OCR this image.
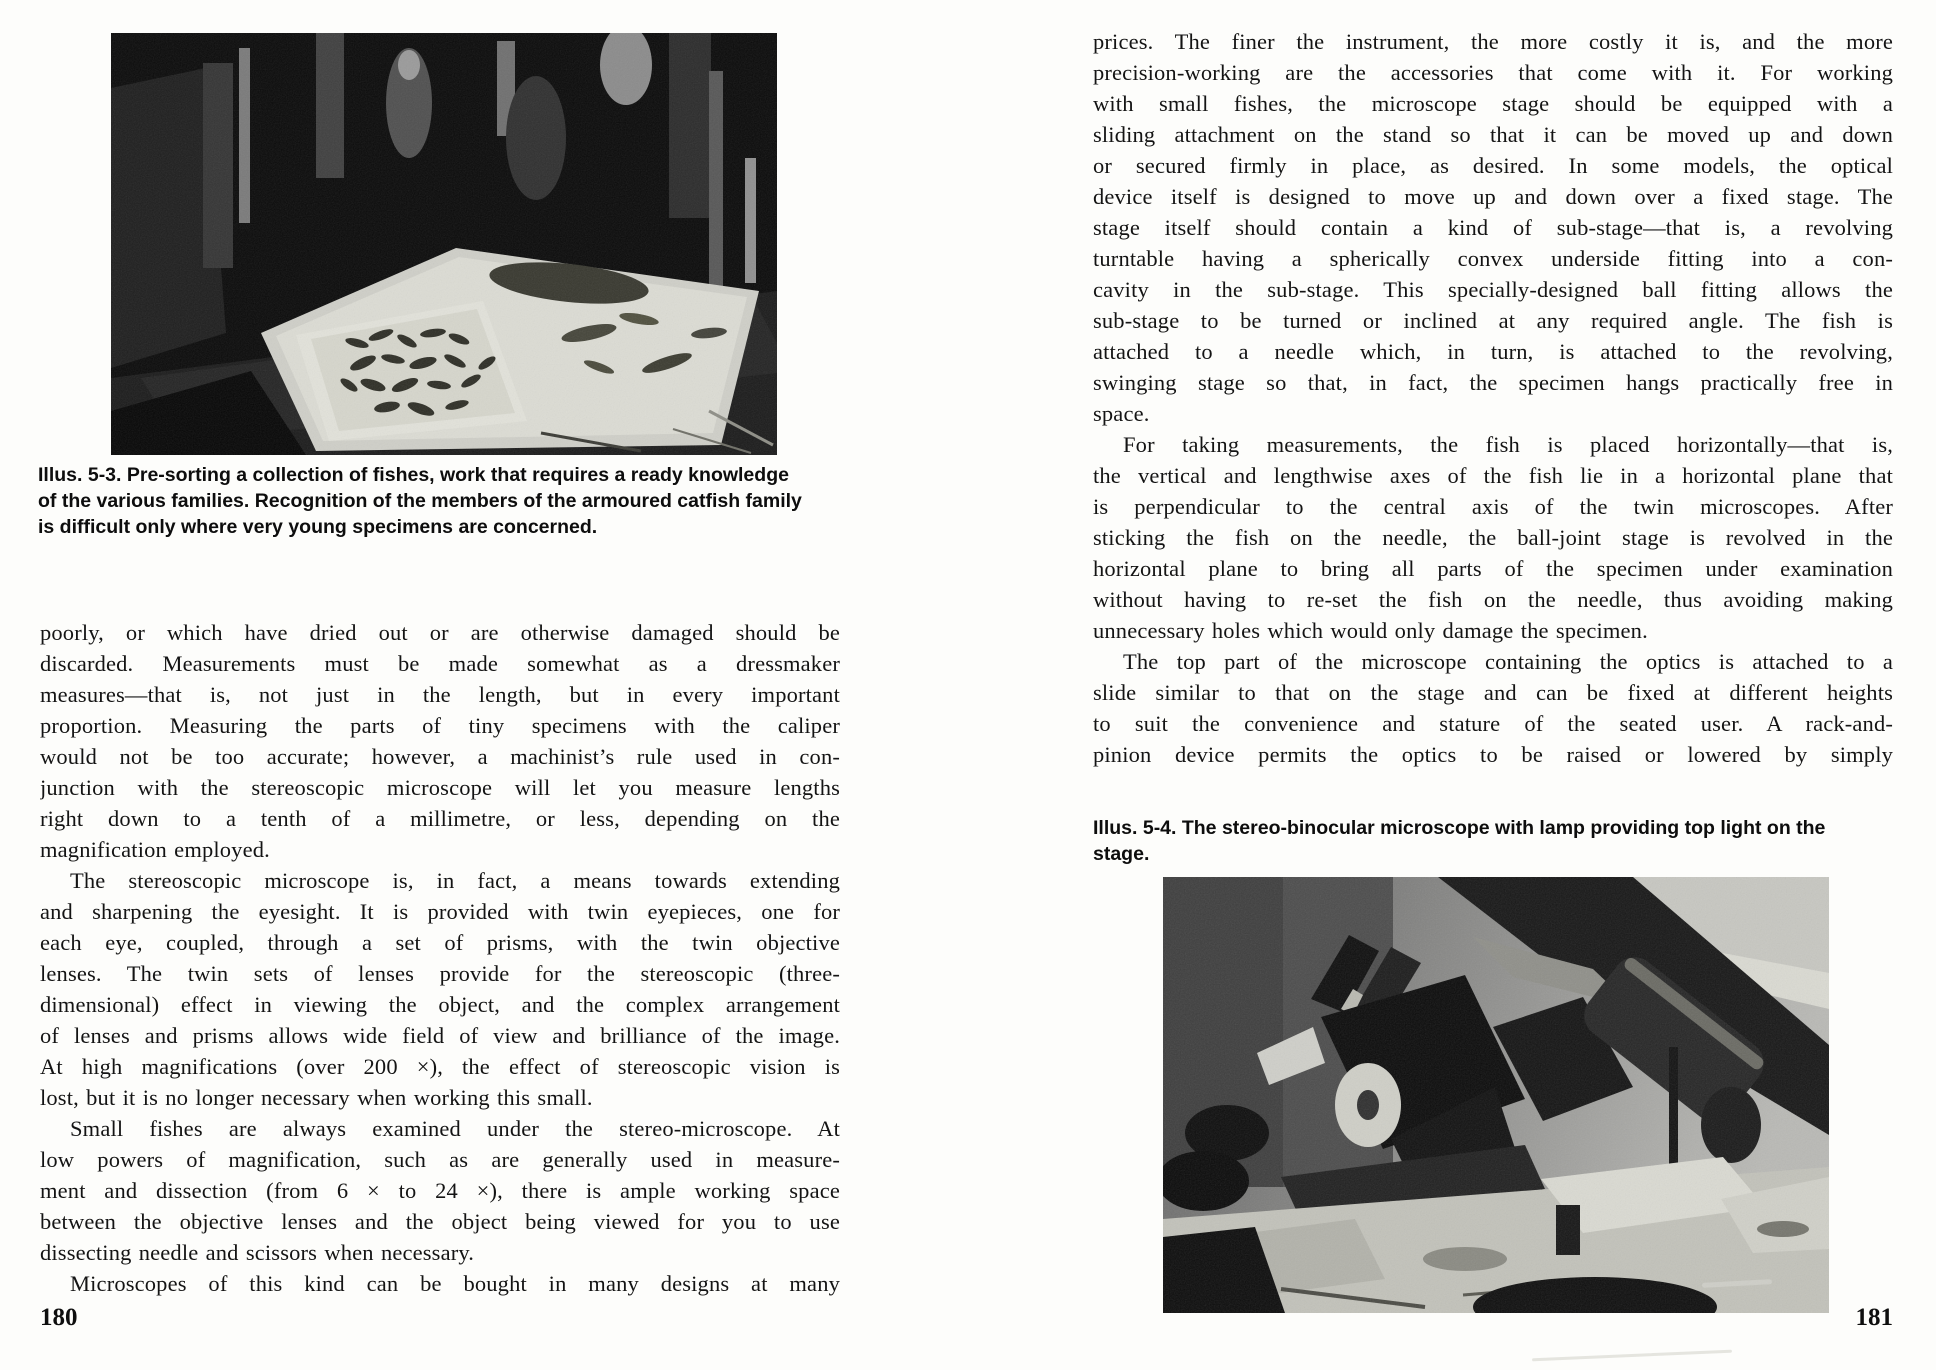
Illus. 5-3. Pre-sorting a collection of fishes, work that requires a ready knowledge
of the various families. Recognition of the members of the armoured catfish family
is difficult only where very young specimens are concerned.
poorly, or which have dried out or are otherwise damaged should be
discarded. Measurements must be made somewhat as a dressmaker
measures—that is, not just in the length, but in every important
proportion. Measuring the parts of tiny specimens with the caliper
would not be too accurate; however, a machinist’s rule used in con-
junction with the stereoscopic microscope will let you measure lengths
right down to a tenth of a millimetre, or less, depending on the
magnification employed.
The stereoscopic microscope is, in fact, a means towards extending
and sharpening the eyesight. It is provided with twin eyepieces, one for
each eye, coupled, through a set of prisms, with the twin objective
lenses. The twin sets of lenses provide for the stereoscopic (three-
dimensional) effect in viewing the object, and the complex arrangement
of lenses and prisms allows wide field of view and brilliance of the image.
At high magnifications (over 200 ×), the effect of stereoscopic vision is
lost, but it is no longer necessary when working this small.
Small fishes are always examined under the stereo-microscope. At
low powers of magnification, such as are generally used in measure-
ment and dissection (from 6 × to 24 ×), there is ample working space
between the objective lenses and the object being viewed for you to use
dissecting needle and scissors when necessary.
Microscopes of this kind can be bought in many designs at many
180
prices. The finer the instrument, the more costly it is, and the more
precision-working are the accessories that come with it. For working
with small fishes, the microscope stage should be equipped with a
sliding attachment on the stand so that it can be moved up and down
or secured firmly in place, as desired. In some models, the optical
device itself is designed to move up and down over a fixed stage. The
stage itself should contain a kind of sub-stage—that is, a revolving
turntable having a spherically convex underside fitting into a con-
cavity in the sub-stage. This specially-designed ball fitting allows the
sub-stage to be turned or inclined at any required angle. The fish is
attached to a needle which, in turn, is attached to the revolving,
swinging stage so that, in fact, the specimen hangs practically free in
space.
For taking measurements, the fish is placed horizontally—that is,
the vertical and lengthwise axes of the fish lie in a horizontal plane that
is perpendicular to the central axis of the twin microscopes. After
sticking the fish on the needle, the ball-joint stage is revolved in the
horizontal plane to bring all parts of the specimen under examination
without having to re-set the fish on the needle, thus avoiding making
unnecessary holes which would only damage the specimen.
The top part of the microscope containing the optics is attached to a
slide similar to that on the stage and can be fixed at different heights
to suit the convenience and stature of the seated user. A rack-and-
pinion device permits the optics to be raised or lowered by simply
Illus. 5-4. The stereo-binocular microscope with lamp providing top light on the
stage.
181
